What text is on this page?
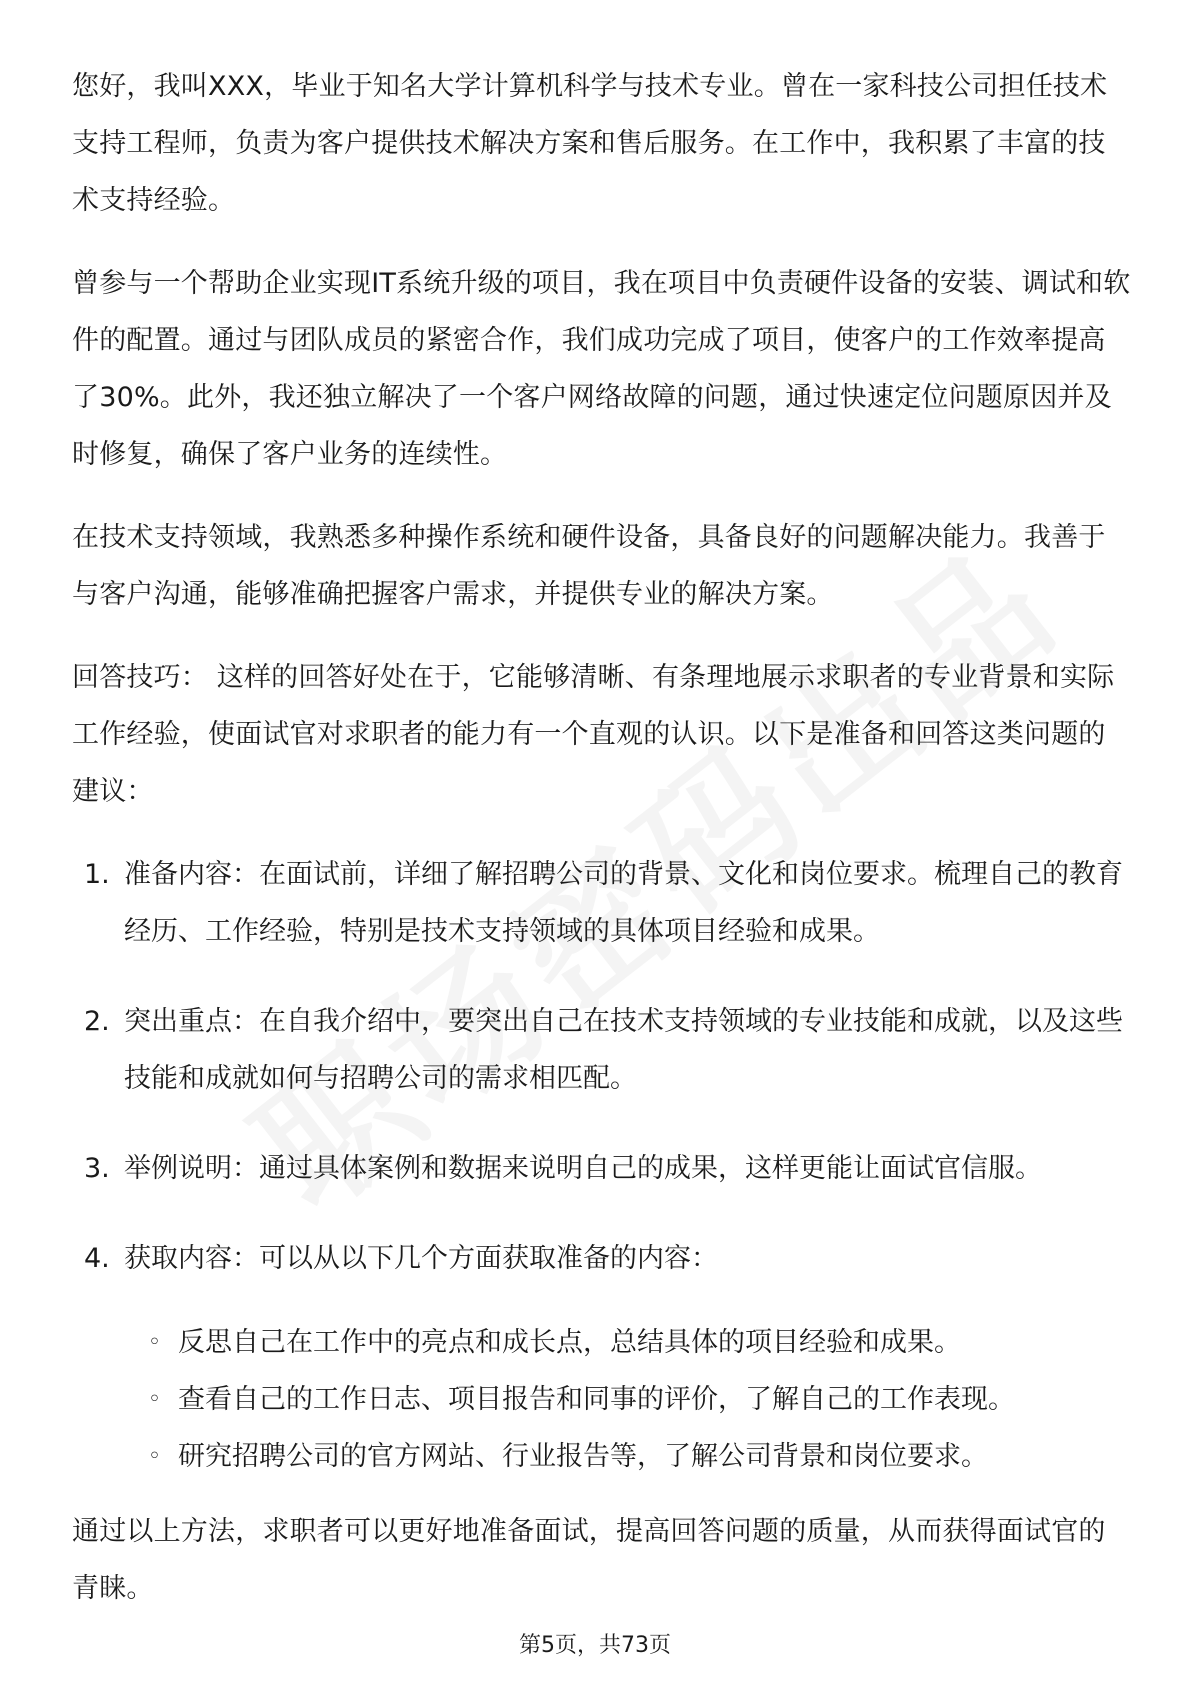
您好，我叫XXX，毕业于知名大学计算机科学与技术专业。曾在一家科技公司担任技术支持工程师，负责为客户提供技术解决方案和售后服务。在工作中，我积累了丰富的技术支持经验。

曾参与一个帮助企业实现IT系统升级的项目，我在项目中负责硬件设备的安装、调试和软件的配置。通过与团队成员的紧密合作，我们成功完成了项目，使客户的工作效率提高了30%。此外，我还独立解决了一个客户网络故障的问题，通过快速定位问题原因并及时修复，确保了客户业务的连续性。

在技术支持领域，我熟悉多种操作系统和硬件设备，具备良好的问题解决能力。我善于与客户沟通，能够准确把握客户需求，并提供专业的解决方案。

回答技巧： 这样的回答好处在于，它能够清晰、有条理地展示求职者的专业背景和实际工作经验，使面试官对求职者的能力有一个直观的认识。以下是准备和回答这类问题的建议：

1. 准备内容：在面试前，详细了解招聘公司的背景、文化和岗位要求。梳理自己的教育经历、工作经验，特别是技术支持领域的具体项目经验和成果。
2. 突出重点：在自我介绍中，要突出自己在技术支持领域的专业技能和成就，以及这些技能和成就如何与招聘公司的需求相匹配。
3. 举例说明：通过具体案例和数据来说明自己的成果，这样更能让面试官信服。
4. 获取内容：可以从以下几个方面获取准备的内容：
◦ 反思自己在工作中的亮点和成长点，总结具体的项目经验和成果。
◦ 查看自己的工作日志、项目报告和同事的评价，了解自己的工作表现。
◦ 研究招聘公司的官方网站、行业报告等，了解公司背景和岗位要求。

通过以上方法，求职者可以更好地准备面试，提高回答问题的质量，从而获得面试官的青睐。

第5页，共73页
